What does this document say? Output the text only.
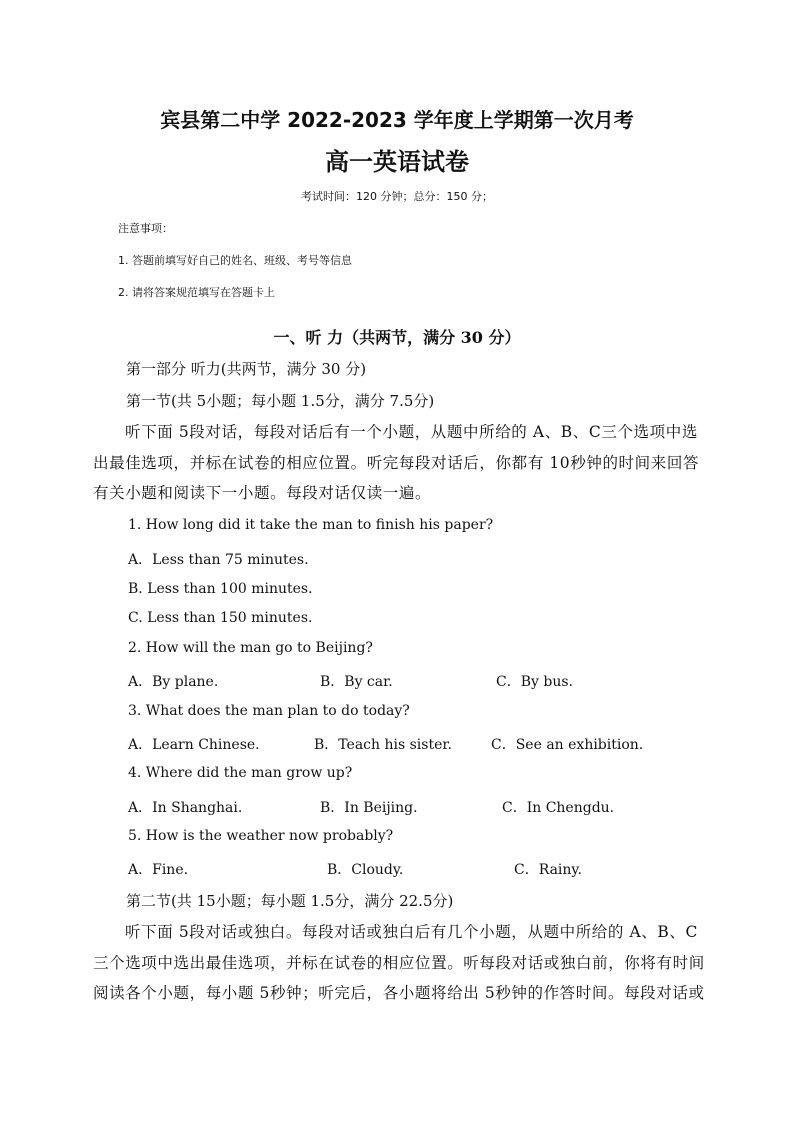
宾县第二中学 2022-2023 学年度上学期第一次月考
高一英语试卷
考试时间：120 分钟；总分：150 分；
注意事项：
1. 答题前填写好自己的姓名、班级、考号等信息
2. 请将答案规范填写在答题卡上
一、听 力（共两节，满分 30 分）
第一部分 听力(共两节，满分 30 分)
第一节(共 5小题；每小题 1.5分，满分 7.5分)
听下面 5段对话，每段对话后有一个小题，从题中所给的 A、B、C三个选项中选出最佳选项，并标在试卷的相应位置。听完每段对话后，你都有 10秒钟的时间来回答有关小题和阅读下一小题。每段对话仅读一遍。
1. How long did it take the man to finish his paper?
A．Less than 75 minutes.
B. Less than 100 minutes.
C. Less than 150 minutes.
2. How will the man go to Beijing?
A．By plane.	B．By car.	C．By bus.
3. What does the man plan to do today?
A．Learn Chinese.	B．Teach his sister.	C．See an exhibition.
4. Where did the man grow up?
A．In Shanghai.	B．In Beijing.	C．In Chengdu.
5. How is the weather now probably?
A．Fine.	B．Cloudy.	C．Rainy.
第二节(共 15小题；每小题 1.5分，满分 22.5分)
听下面 5段对话或独白。每段对话或独白后有几个小题，从题中所给的 A、B、C三个选项中选出最佳选项，并标在试卷的相应位置。听每段对话或独白前，你将有时间阅读各个小题，每小题 5秒钟；听完后，各小题将给出 5秒钟的作答时间。每段对话或
